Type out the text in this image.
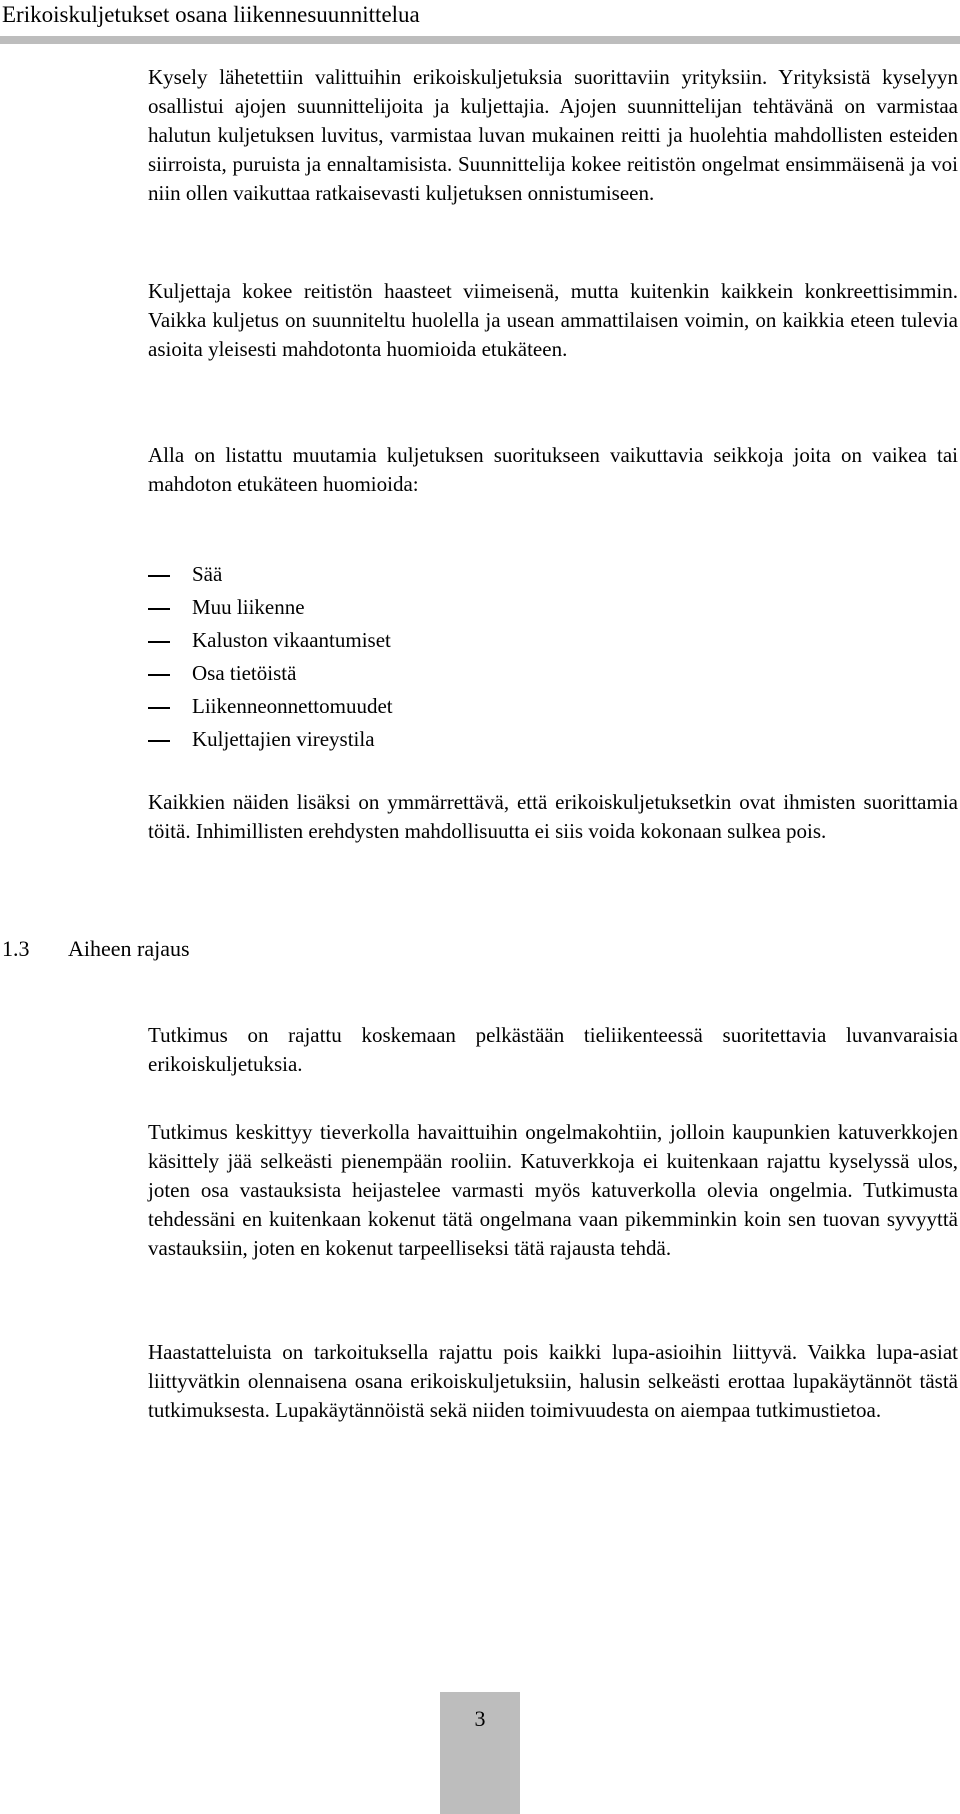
Erikoiskuljetukset osana liikennesuunnittelua

Kysely lähetettiin valittuihin erikoiskuljetuksia suorittaviin yrityksiin. Yrityksistä kyselyyn osallistui ajojen suunnittelijoita ja kuljettajia. Ajojen suunnittelijan tehtävänä on varmistaa halutun kuljetuksen luvitus, varmistaa luvan mukainen reitti ja huolehtia mahdollisten esteiden siirroista, puruista ja ennaltamisista. Suunnittelija kokee reitistön ongelmat ensimmäisenä ja voi niin ollen vaikuttaa ratkaisevasti kuljetuksen onnistumiseen.

Kuljettaja kokee reitistön haasteet viimeisenä, mutta kuitenkin kaikkein konkreettisimmin. Vaikka kuljetus on suunniteltu huolella ja usean ammattilaisen voimin, on kaikkia eteen tulevia asioita yleisesti mahdotonta huomioida etukäteen.

Alla on listattu muutamia kuljetuksen suoritukseen vaikuttavia seikkoja joita on vaikea tai mahdoton etukäteen huomioida:

Sää
Muu liikenne
Kaluston vikaantumiset
Osa tietöistä
Liikenneonnettomuudet
Kuljettajien vireystila

Kaikkien näiden lisäksi on ymmärrettävä, että erikoiskuljetuksetkin ovat ihmisten suorittamia töitä. Inhimillisten erehdysten mahdollisuutta ei siis voida kokonaan sulkea pois.

1.3 Aiheen rajaus

Tutkimus on rajattu koskemaan pelkästään tieliikenteessä suoritettavia luvanvaraisia erikoiskuljetuksia.

Tutkimus keskittyy tieverkolla havaittuihin ongelmakohtiin, jolloin kaupunkien katuverkkojen käsittely jää selkeästi pienempään rooliin. Katuverkkoja ei kuitenkaan rajattu kyselyssä ulos, joten osa vastauksista heijastelee varmasti myös katuverkolla olevia ongelmia. Tutkimusta tehdessäni en kuitenkaan kokenut tätä ongelmana vaan pikemminkin koin sen tuovan syvyyttä vastauksiin, joten en kokenut tarpeelliseksi tätä rajausta tehdä.

Haastatteluista on tarkoituksella rajattu pois kaikki lupa-asioihin liittyvä. Vaikka lupa-asiat liittyvätkin olennaisena osana erikoiskuljetuksiin, halusin selkeästi erottaa lupakäytännöt tästä tutkimuksesta. Lupakäytännöistä sekä niiden toimivuudesta on aiempaa tutkimustietoa.

3
